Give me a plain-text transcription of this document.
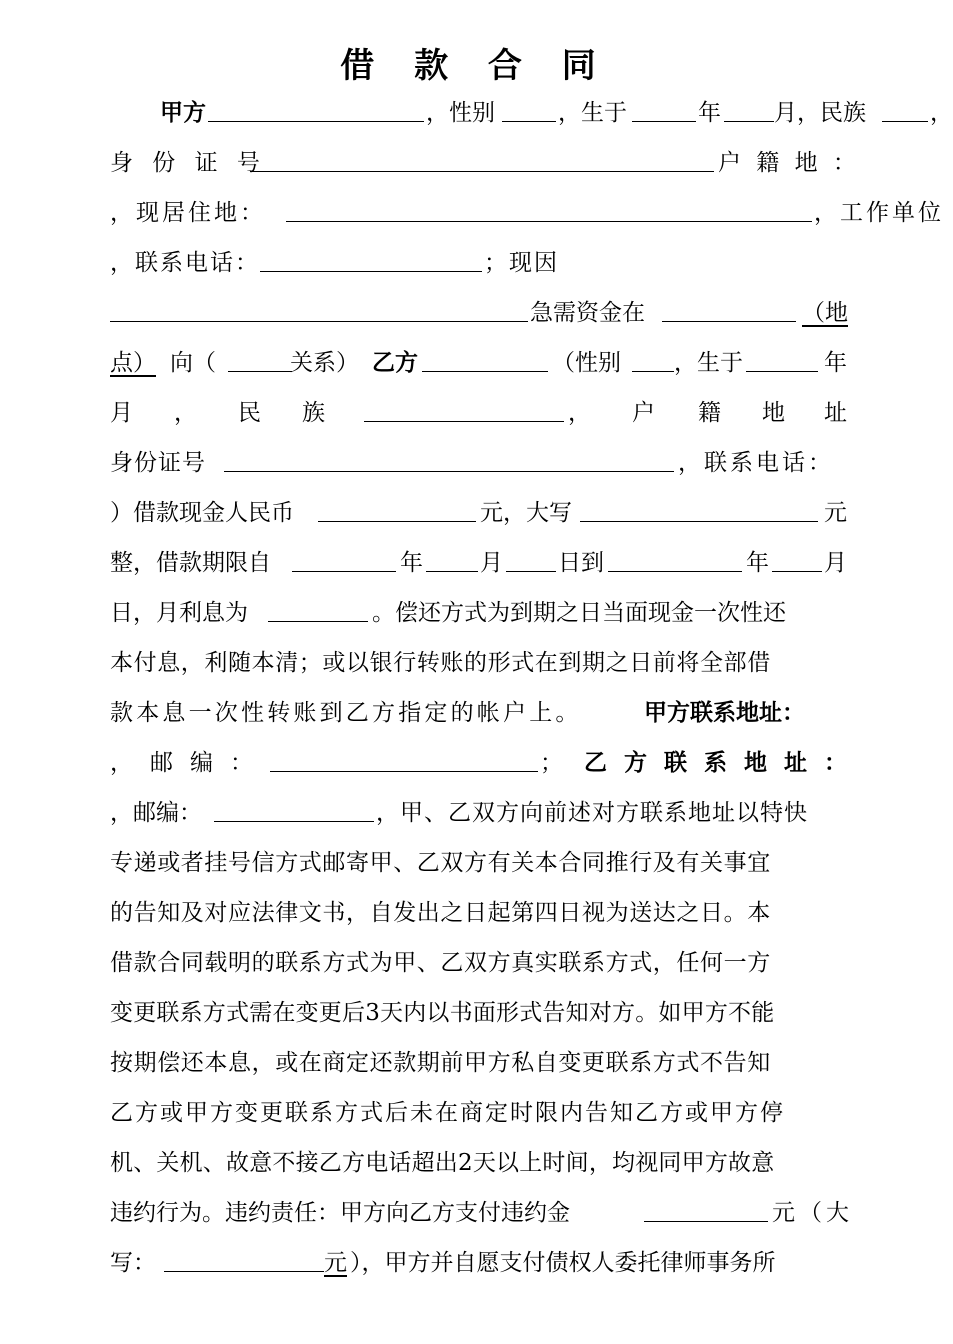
借 款 合 同
甲方	，性别	，生于	年 月，民族	，
身 份 证 号	户 籍 地 ：
，现居住地：	，工作单位
，联系电话：	；现因
急需资金在	（地
点） 向（	关系） 乙方	（性别 ，生于	年
月 ， 民 族	， 户 籍 地 址
身份证号	，联系电话：
）借款现金人民币	元，大写	元
整，借款期限自	年 月 日到	年 月
日，月利息为	。偿还方式为到期之日当面现金一次性还
本付息，利随本清；或以银行转账的形式在到期之日前将全部借
款本息一次性转账到乙方指定的帐户上。	甲方联系地址：
， 邮 编 ：	； 乙 方 联 系 地 址 ：
，邮编：	，甲、乙双方向前述对方联系地址以特快
专递或者挂号信方式邮寄甲、乙双方有关本合同推行及有关事宜
的告知及对应法律文书，自发出之日起第四日视为送达之日。本
借款合同载明的联系方式为甲、乙双方真实联系方式，任何一方
变更联系方式需在变更后3天内以书面形式告知对方。如甲方不能
按期偿还本息，或在商定还款期前甲方私自变更联系方式不告知
乙方或甲方变更联系方式后未在商定时限内告知乙方或甲方停
机、关机、故意不接乙方电话超出2天以上时间，均视同甲方故意
违约行为。违约责任：甲方向乙方支付违约金	元（大
写：	元 ），甲方并自愿支付债权人委托律师事务所
